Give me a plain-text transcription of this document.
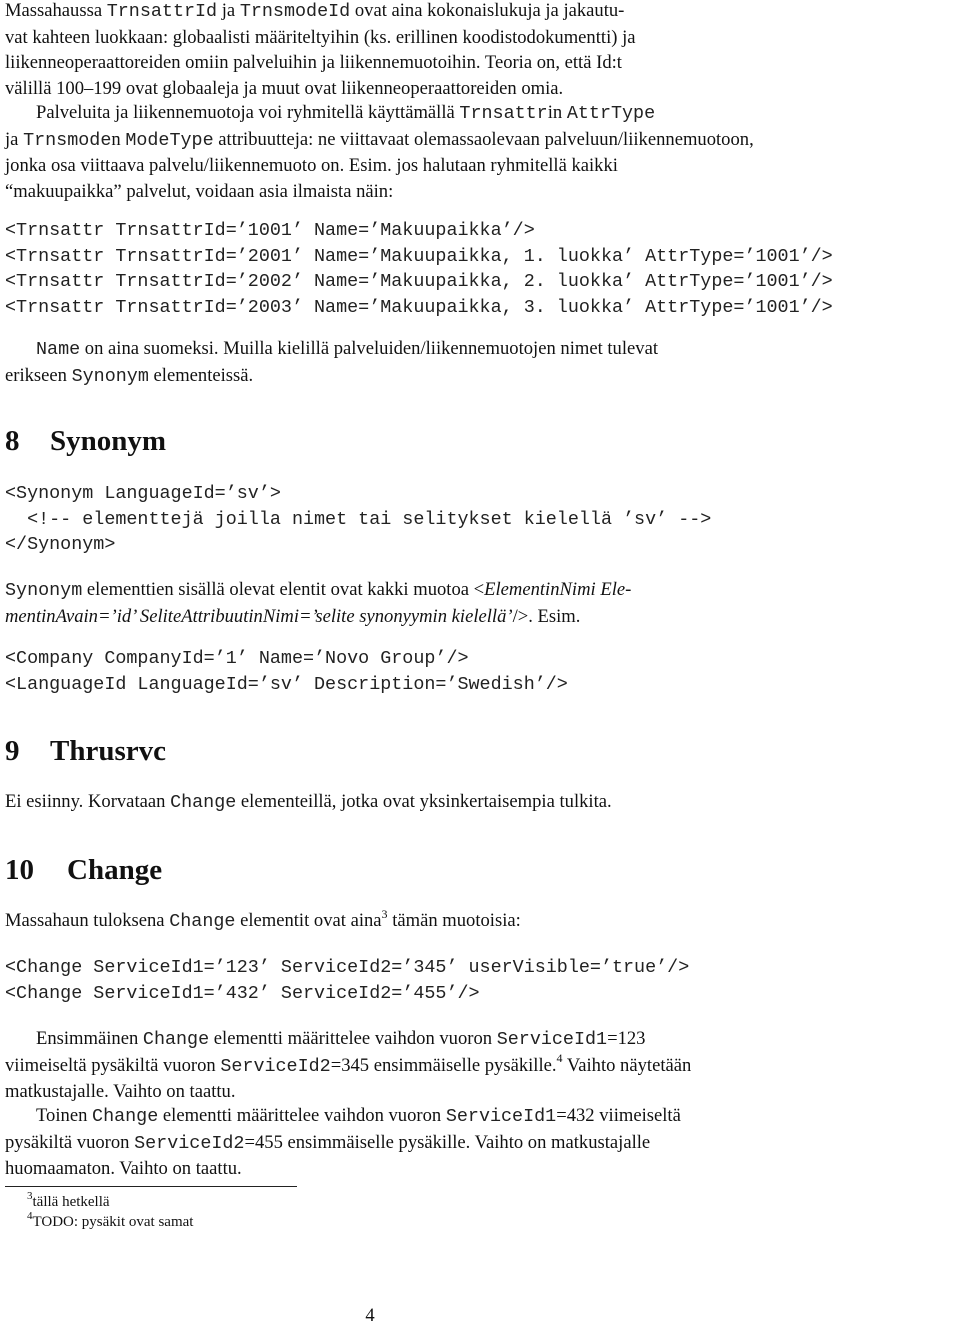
Massahaussa TrnsattrId ja TrnsmodeId ovat aina kokonaislukuja ja jakautu-

vat kahteen luokkaan: globaalisti määriteltyihin (ks. erillinen koodistodokumentti) ja

liikenneoperaattoreiden omiin palveluihin ja liikennemuotoihin. Teoria on, että Id:t

välillä 100–199 ovat globaaleja ja muut ovat liikenneoperaattoreiden omia.

Palveluita ja liikennemuotoja voi ryhmitellä käyttämällä Trnsattrin AttrType

ja Trnsmoden ModeType attribuutteja: ne viittavaat olemassaolevaan palveluun/liikennemuotoon,

jonka osa viittaava palvelu/liikennemuoto on. Esim. jos halutaan ryhmitellä kaikki

“makuupaikka” palvelut, voidaan asia ilmaista näin:

<Trnsattr TrnsattrId=’1001’ Name=’Makuupaikka’/>

<Trnsattr TrnsattrId=’2001’ Name=’Makuupaikka, 1. luokka’ AttrType=’1001’/>

<Trnsattr TrnsattrId=’2002’ Name=’Makuupaikka, 2. luokka’ AttrType=’1001’/>

<Trnsattr TrnsattrId=’2003’ Name=’Makuupaikka, 3. luokka’ AttrType=’1001’/>

Name on aina suomeksi. Muilla kielillä palveluiden/liikennemuotojen nimet tulevat

erikseen Synonym elementeissä.

8 Synonym

<Synonym LanguageId=’sv’>

<!-- elementtejä joilla nimet tai selitykset kielellä ’sv’ -->

</Synonym>

Synonym elementtien sisällä olevat elentit ovat kakki muotoa <ElementinNimi Ele-

mentinAvain=’id’ SeliteAttribuutinNimi=’selite synonyymin kielellä’/>. Esim.

<Company CompanyId=’1’ Name=’Novo Group’/>

<LanguageId LanguageId=’sv’ Description=’Swedish’/>

9 Thrusrvc

Ei esiinny. Korvataan Change elementeillä, jotka ovat yksinkertaisempia tulkita.

10 Change

Massahaun tuloksena Change elementit ovat aina$^3$ tämän muotoisia:

<Change ServiceId1=’123’ ServiceId2=’345’ userVisible=’true’/>

<Change ServiceId1=’432’ ServiceId2=’455’/>

Ensimmäinen Change elementti määrittelee vaihdon vuoron ServiceId1=123

viimeiseltä pysäkiltä vuoron ServiceId2=345 ensimmäiselle pysäkille.$^4$ Vaihto näytetään

matkustajalle. Vaihto on taattu.

Toinen Change elementti määrittelee vaihdon vuoron ServiceId1=432 viimeiseltä

pysäkiltä vuoron ServiceId2=455 ensimmäiselle pysäkille. Vaihto on matkustajalle

huomaamaton. Vaihto on taattu.

$^3$tällä hetkellä
$^4$TODO: pysäkit ovat samat
4
